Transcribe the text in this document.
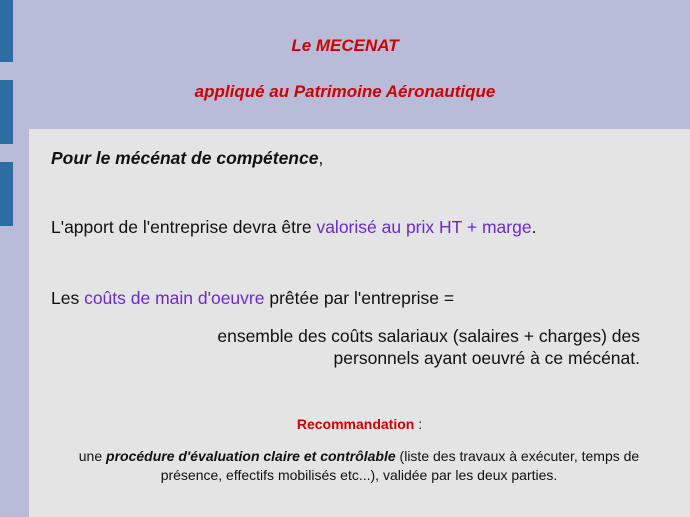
Le MECENAT
appliqué au Patrimoine Aéronautique
Pour le mécénat de compétence,
L'apport de l'entreprise devra être valorisé au prix HT + marge.
Les coûts de main d'oeuvre prêtée par l'entreprise =
ensemble des coûts salariaux (salaires + charges) des
personnels ayant oeuvré à ce mécénat.
Recommandation :
une procédure d'évaluation claire et contrôlable (liste des travaux à exécuter, temps de présence, effectifs mobilisés etc...), validée par les deux parties.
